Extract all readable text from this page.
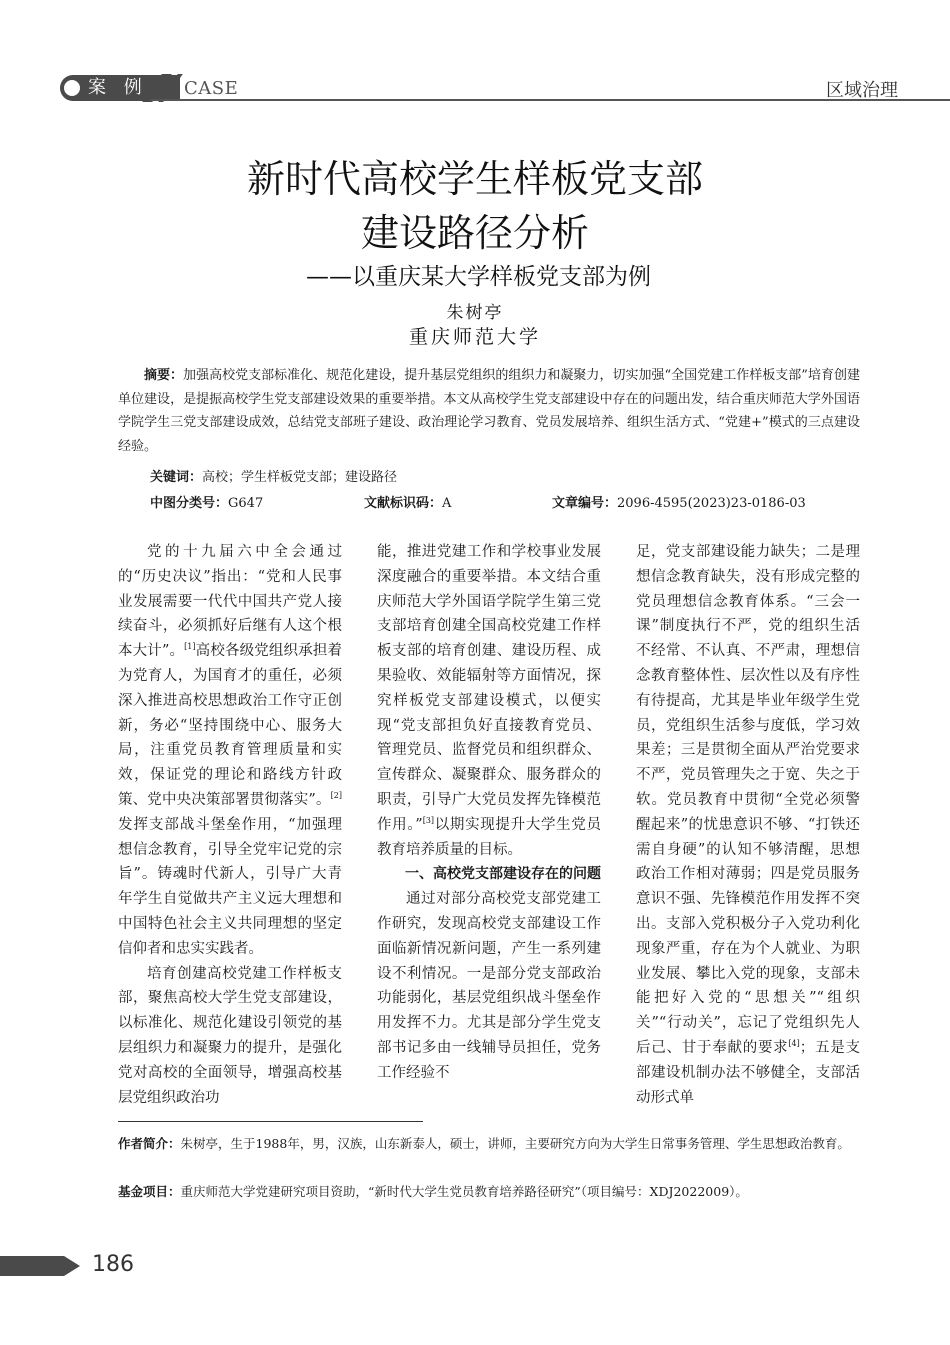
案 例 CASE	区域治理
新时代高校学生样板党支部
建设路径分析
——以重庆某大学样板党支部为例
朱树亭
重庆师范大学
摘要：加强高校党支部标准化、规范化建设，提升基层党组织的组织力和凝聚力，切实加强“全国党建工作样板支部”培育创建单位建设，是提振高校学生党支部建设效果的重要举措。本文从高校学生党支部建设中存在的问题出发，结合重庆师范大学外国语学院学生三党支部建设成效，总结党支部班子建设、政治理论学习教育、党员发展培养、组织生活方式、“党建+”模式的三点建设经验。
关键词：高校；学生样板党支部；建设路径
中图分类号：G647	文献标识码：A	文章编号：2096-4595(2023)23-0186-03

党的十九届六中全会通过的“历史决议”指出：“党和人民事业发展需要一代代中国共产党人接续奋斗，必须抓好后继有人这个根本大计”。[1]高校各级党组织承担着为党育人，为国育才的重任，必须深入推进高校思想政治工作守正创新，务必“坚持围绕中心、服务大局，注重党员教育管理质量和实效，保证党的理论和路线方针政策、党中央决策部署贯彻落实”。[2]发挥支部战斗堡垒作用，“加强理想信念教育，引导全党牢记党的宗旨”。铸魂时代新人，引导广大青年学生自觉做共产主义远大理想和中国特色社会主义共同理想的坚定信仰者和忠实实践者。

培育创建高校党建工作样板支部，聚焦高校大学生党支部建设，以标准化、规范化建设引领党的基层组织力和凝聚力的提升，是强化党对高校的全面领导，增强高校基层党组织政治功

能，推进党建工作和学校事业发展深度融合的重要举措。本文结合重庆师范大学外国语学院学生第三党支部培育创建全国高校党建工作样板支部的培育创建、建设历程、成果验收、效能辐射等方面情况，探究样板党支部建设模式，以便实现“党支部担负好直接教育党员、管理党员、监督党员和组织群众、宣传群众、凝聚群众、服务群众的职责，引导广大党员发挥先锋模范作用。”[3]以期实现提升大学生党员教育培养质量的目标。

一、高校党支部建设存在的问题

通过对部分高校党支部党建工作研究，发现高校党支部建设工作面临新情况新问题，产生一系列建设不利情况。一是部分党支部政治功能弱化，基层党组织战斗堡垒作用发挥不力。尤其是部分学生党支部书记多由一线辅导员担任，党务工作经验不

足，党支部建设能力缺失；二是理想信念教育缺失，没有形成完整的党员理想信念教育体系。“三会一课”制度执行不严，党的组织生活不经常、不认真、不严肃，理想信念教育整体性、层次性以及有序性有待提高，尤其是毕业年级学生党员，党组织生活参与度低，学习效果差；三是贯彻全面从严治党要求不严，党员管理失之于宽、失之于软。党员教育中贯彻“全党必须警醒起来”的忧患意识不够、“打铁还需自身硬”的认知不够清醒，思想政治工作相对薄弱；四是党员服务意识不强、先锋模范作用发挥不突出。支部入党积极分子入党功利化现象严重，存在为个人就业、为职业发展、攀比入党的现象，支部未能把好入党的“思想关”“组织关”“行动关”，忘记了党组织先人后己、甘于奉献的要求[4]；五是支部建设机制办法不够健全，支部活动形式单

作者简介：朱树亭，生于1988年，男，汉族，山东新泰人，硕士，讲师，主要研究方向为大学生日常事务管理、学生思想政治教育。
基金项目：重庆师范大学党建研究项目资助，“新时代大学生党员教育培养路径研究”（项目编号：XDJ2022009）。
186
